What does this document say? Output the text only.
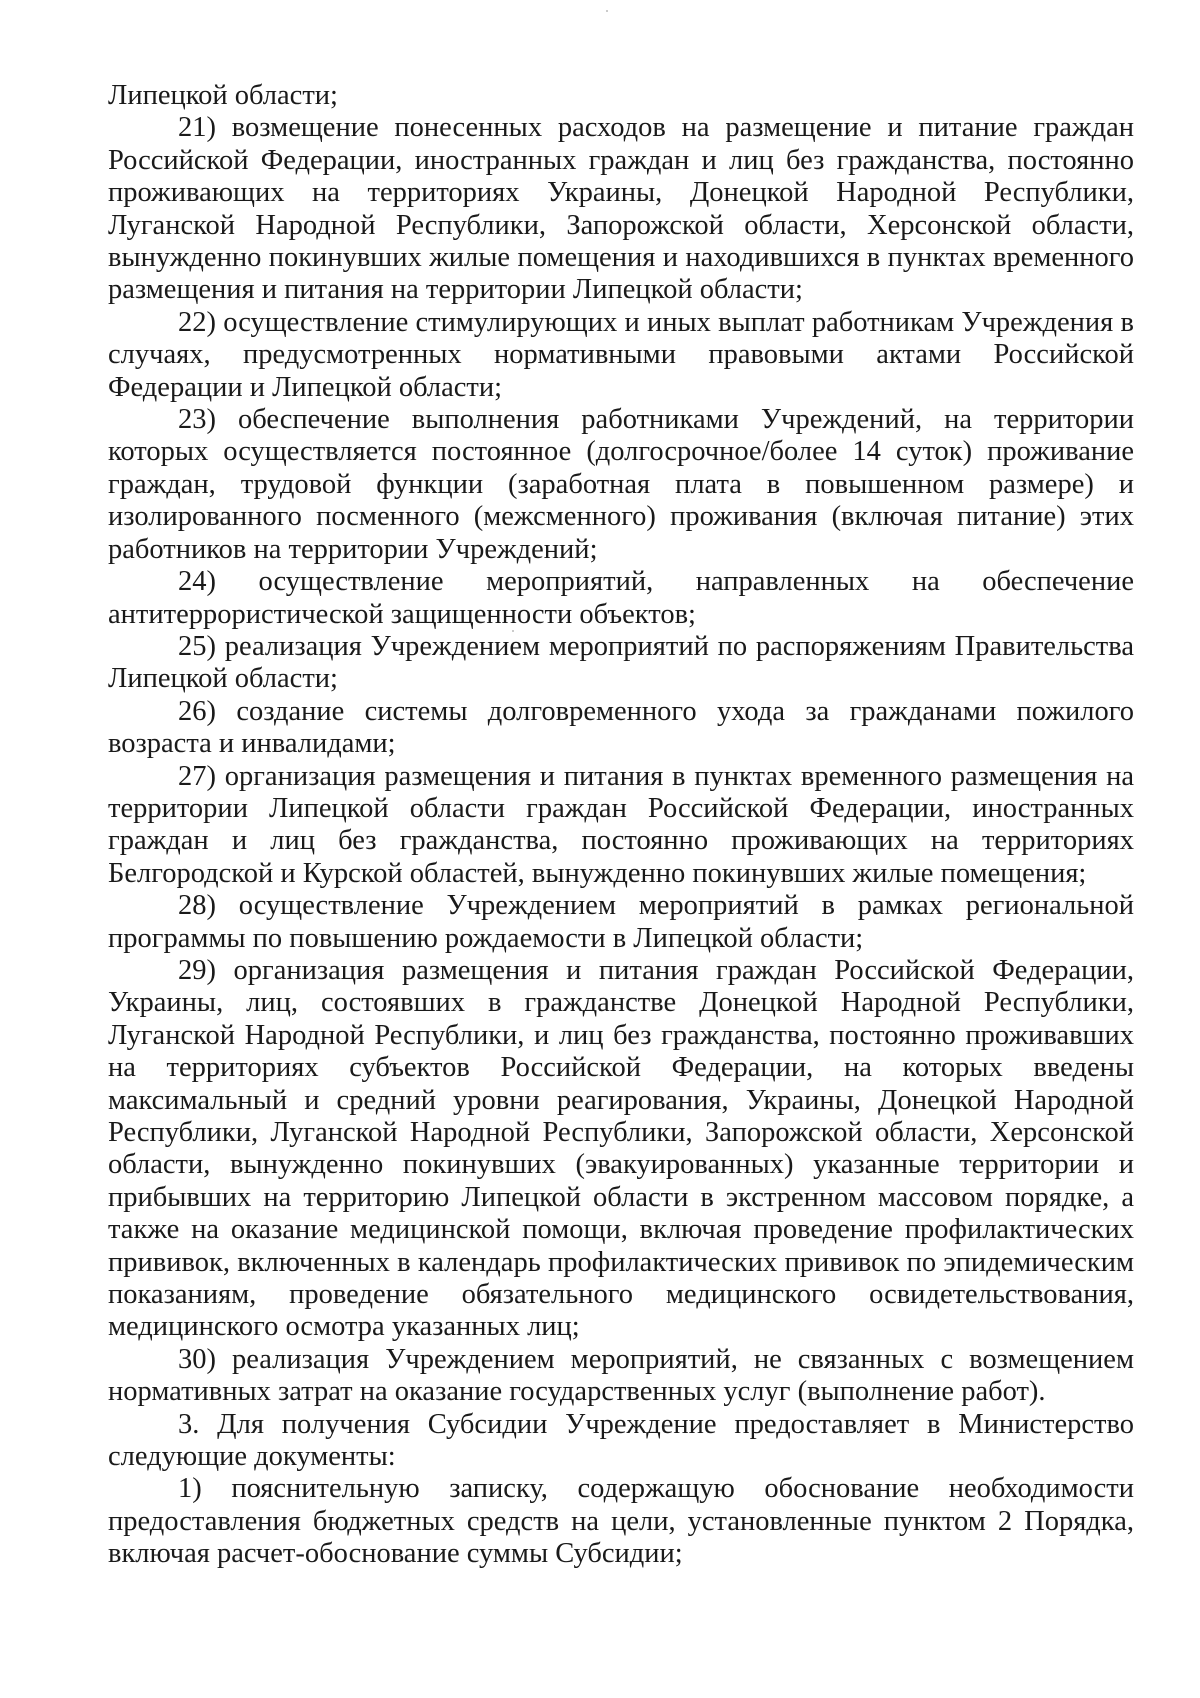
Липецкой области;

21) возмещение понесенных расходов на размещение и питание граждан Российской Федерации, иностранных граждан и лиц без гражданства, постоянно проживающих на территориях Украины, Донецкой Народной Республики, Луганской Народной Республики, Запорожской области, Херсонской области, вынужденно покинувших жилые помещения и находившихся в пунктах временного размещения и питания на территории Липецкой области;

22) осуществление стимулирующих и иных выплат работникам Учреждения в случаях, предусмотренных нормативными правовыми актами Российской Федерации и Липецкой области;

23) обеспечение выполнения работниками Учреждений, на территории которых осуществляется постоянное (долгосрочное/более 14 суток) проживание граждан, трудовой функции (заработная плата в повышенном размере) и изолированного посменного (межсменного) проживания (включая питание) этих работников на территории Учреждений;

24) осуществление мероприятий, направленных на обеспечение антитеррористической защищенности объектов;

25) реализация Учреждением мероприятий по распоряжениям Правительства Липецкой области;

26) создание системы долговременного ухода за гражданами пожилого возраста и инвалидами;

27) организация размещения и питания в пунктах временного размещения на территории Липецкой области граждан Российской Федерации, иностранных граждан и лиц без гражданства, постоянно проживающих на территориях Белгородской и Курской областей, вынужденно покинувших жилые помещения;

28) осуществление Учреждением мероприятий в рамках региональной программы по повышению рождаемости в Липецкой области;

29) организация размещения и питания граждан Российской Федерации, Украины, лиц, состоявших в гражданстве Донецкой Народной Республики, Луганской Народной Республики, и лиц без гражданства, постоянно проживавших на территориях субъектов Российской Федерации, на которых введены максимальный и средний уровни реагирования, Украины, Донецкой Народной Республики, Луганской Народной Республики, Запорожской области, Херсонской области, вынужденно покинувших (эвакуированных) указанные территории и прибывших на территорию Липецкой области в экстренном массовом порядке, а также на оказание медицинской помощи, включая проведение профилактических прививок, включенных в календарь профилактических прививок по эпидемическим показаниям, проведение обязательного медицинского освидетельствования, медицинского осмотра указанных лиц;

30) реализация Учреждением мероприятий, не связанных с возмещением нормативных затрат на оказание государственных услуг (выполнение работ).

3. Для получения Субсидии Учреждение предоставляет в Министерство следующие документы:

1) пояснительную записку, содержащую обоснование необходимости предоставления бюджетных средств на цели, установленные пунктом 2 Порядка, включая расчет-обоснование суммы Субсидии;
